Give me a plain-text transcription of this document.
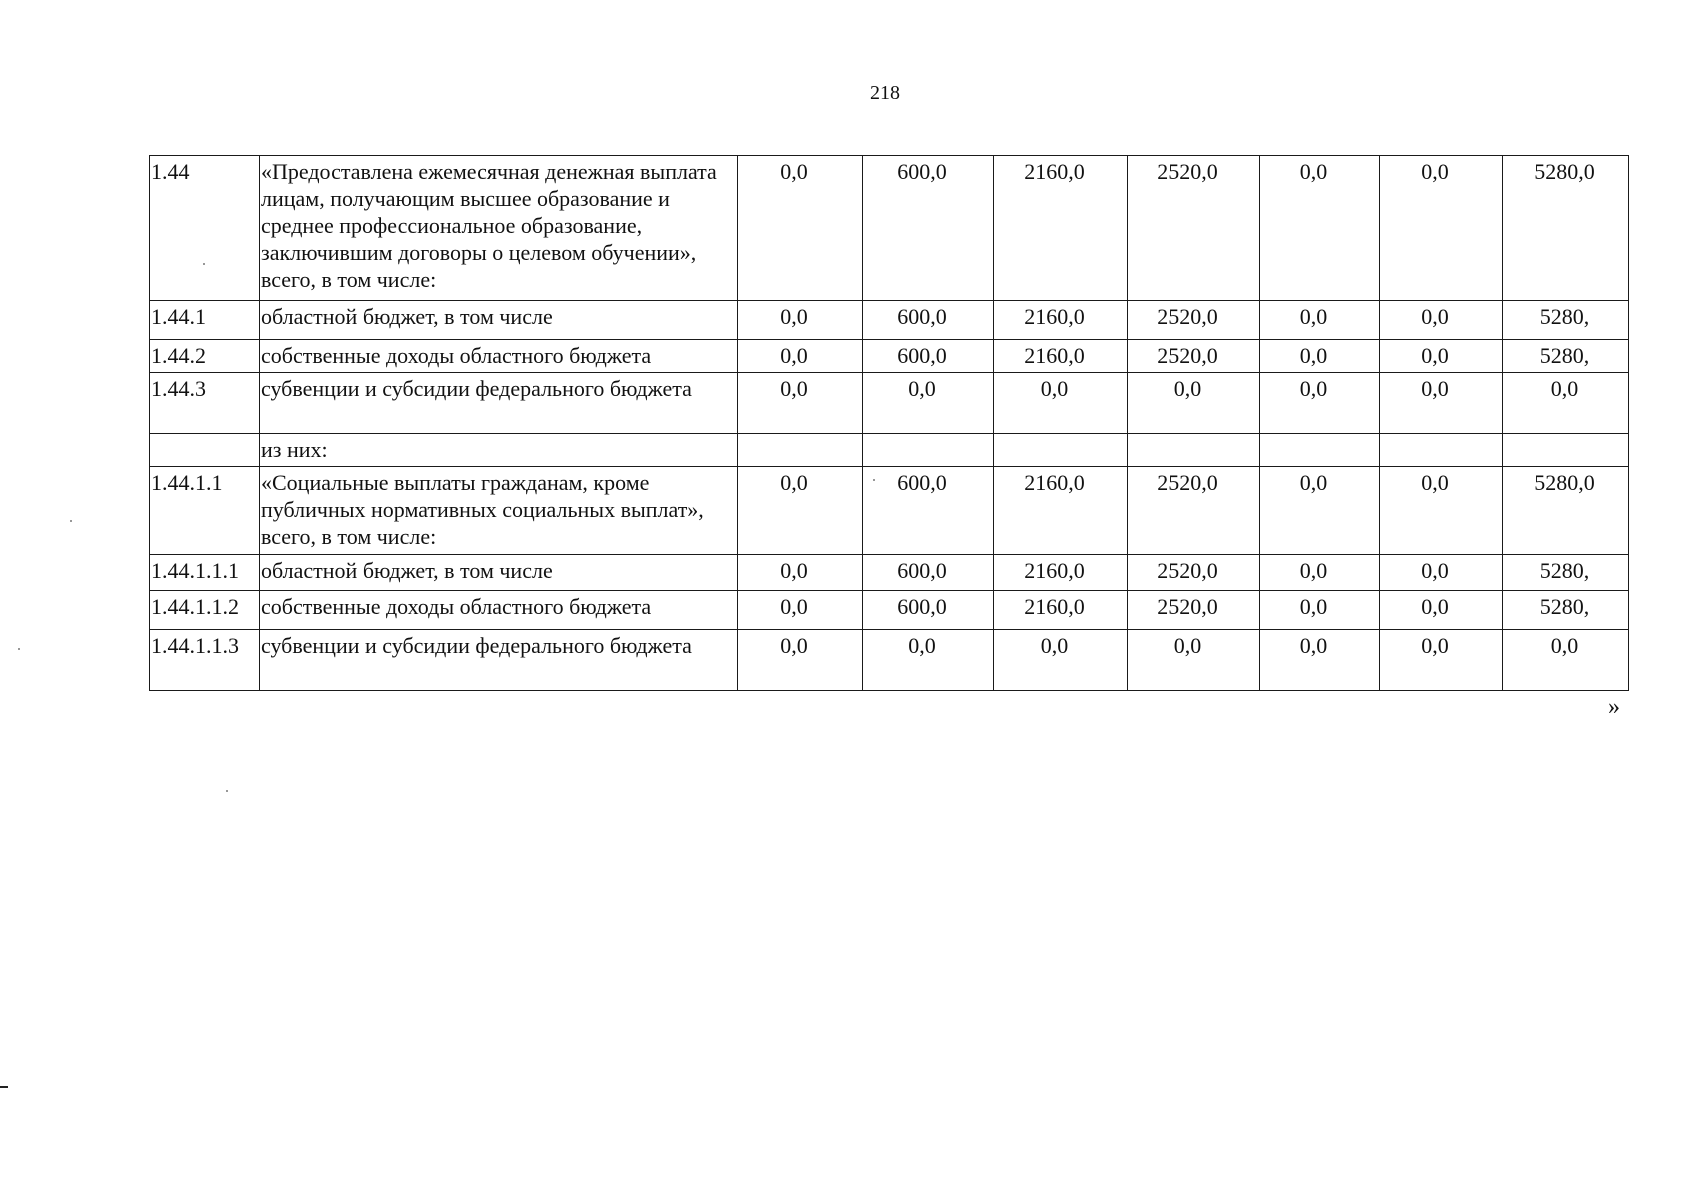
218
1.44	«Предоставлена ежемесячная денежная выплата лицам, получающим высшее образование и среднее профессиональное образование, заключившим договоры о целевом обучении», всего, в том числе:	0,0	600,0	2160,0	2520,0	0,0	0,0	5280,0
1.44.1	областной бюджет, в том числе	0,0	600,0	2160,0	2520,0	0,0	0,0	5280,
1.44.2	собственные доходы областного бюджета	0,0	600,0	2160,0	2520,0	0,0	0,0	5280,
1.44.3	субвенции и субсидии федерального бюджета	0,0	0,0	0,0	0,0	0,0	0,0	0,0
	из них:							
1.44.1.1	«Социальные выплаты гражданам, кроме публичных нормативных социальных выплат», всего, в том числе:	0,0	600,0	2160,0	2520,0	0,0	0,0	5280,0
1.44.1.1.1	областной бюджет, в том числе	0,0	600,0	2160,0	2520,0	0,0	0,0	5280,
1.44.1.1.2	собственные доходы областного бюджета	0,0	600,0	2160,0	2520,0	0,0	0,0	5280,
1.44.1.1.3	субвенции и субсидии федерального бюджета	0,0	0,0	0,0	0,0	0,0	0,0	0,0
»
